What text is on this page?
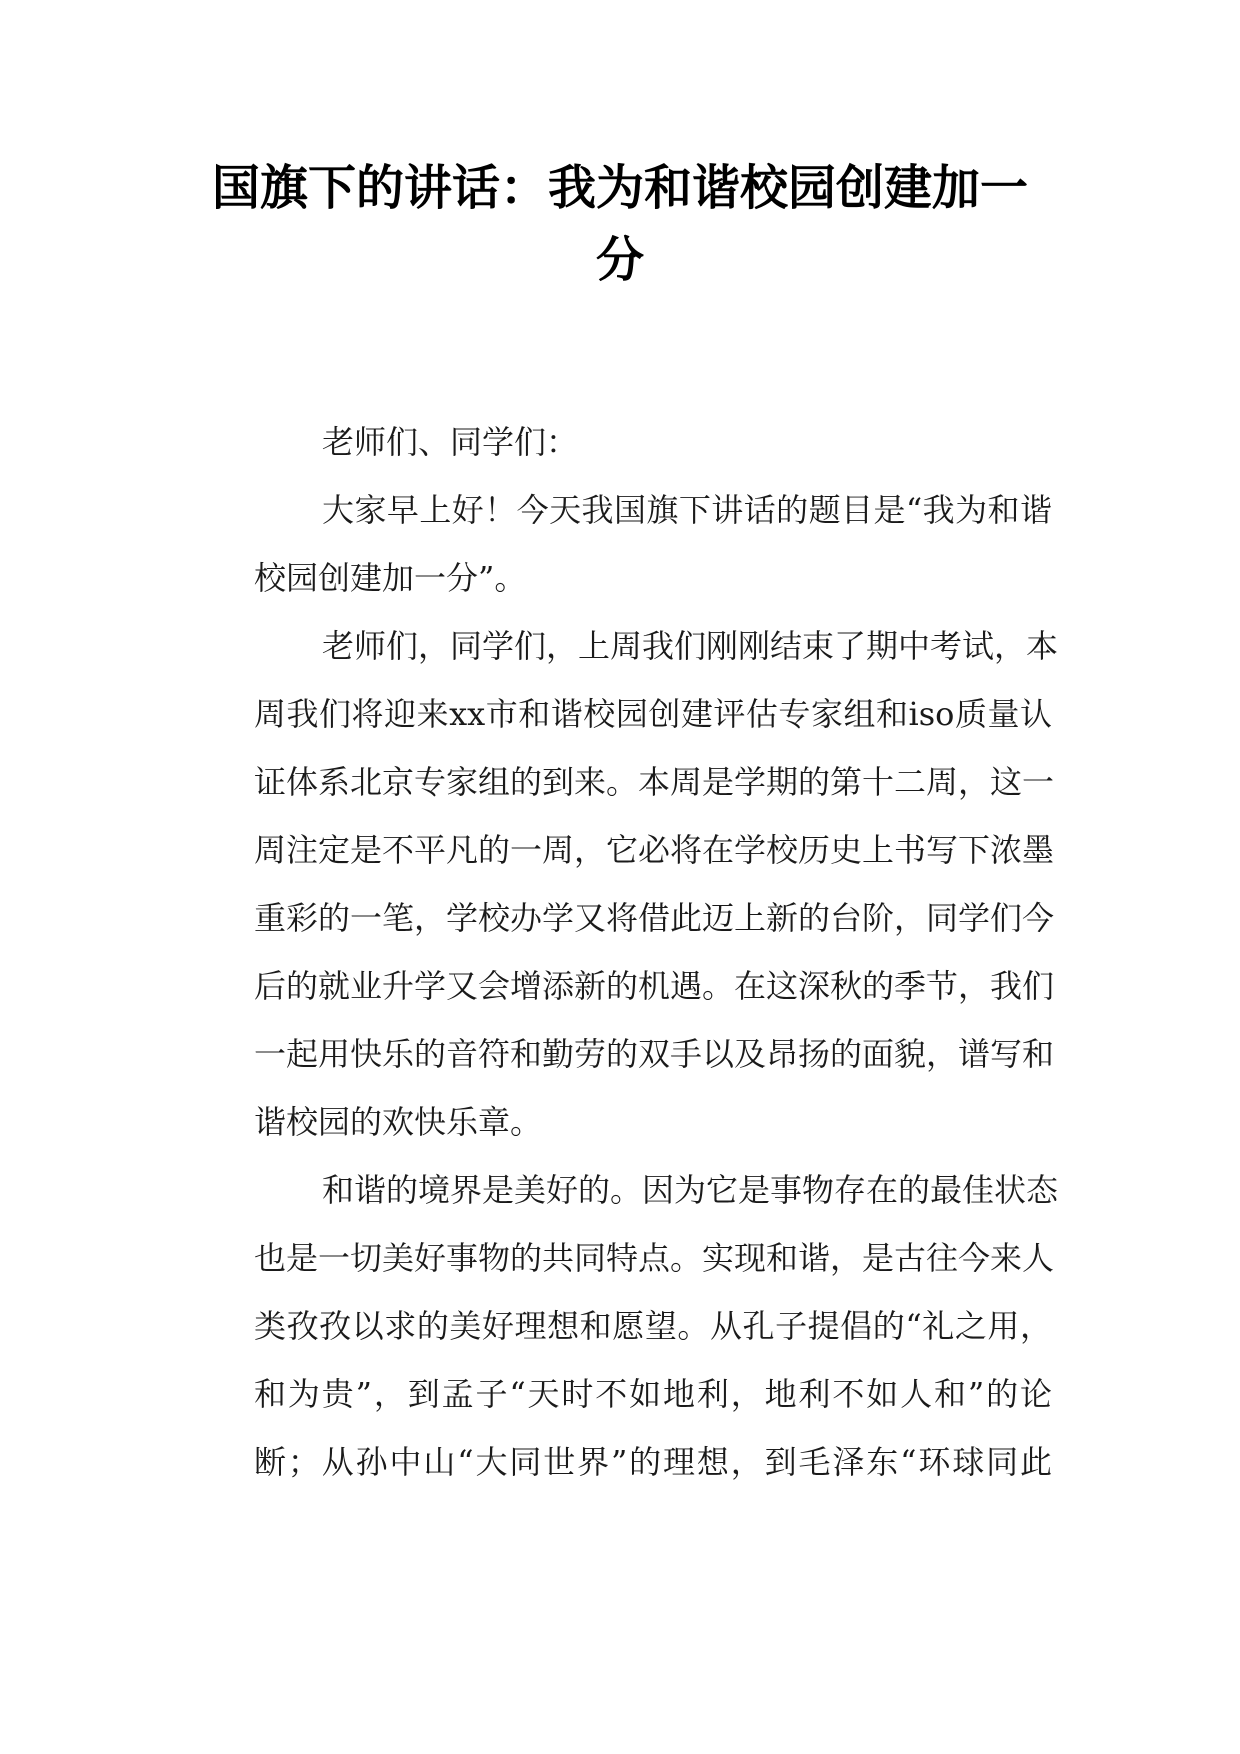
国旗下的讲话：我为和谐校园创建加一
分
老师们、同学们：
大家早上好！今天我国旗下讲话的题目是“我为和谐
校园创建加一分”。
老师们，同学们，上周我们刚刚结束了期中考试，本
周我们将迎来xx市和谐校园创建评估专家组和iso质量认
证体系北京专家组的到来。本周是学期的第十二周，这一
周注定是不平凡的一周，它必将在学校历史上书写下浓墨
重彩的一笔，学校办学又将借此迈上新的台阶，同学们今
后的就业升学又会增添新的机遇。在这深秋的季节，我们
一起用快乐的音符和勤劳的双手以及昂扬的面貌，谱写和
谐校园的欢快乐章。
和谐的境界是美好的。因为它是事物存在的最佳状态
也是一切美好事物的共同特点。实现和谐，是古往今来人
类孜孜以求的美好理想和愿望。从孔子提倡的“礼之用，
和为贵”，到孟子“天时不如地利，地利不如人和”的论
断；从孙中山“大同世界”的理想，到毛泽东“环球同此
